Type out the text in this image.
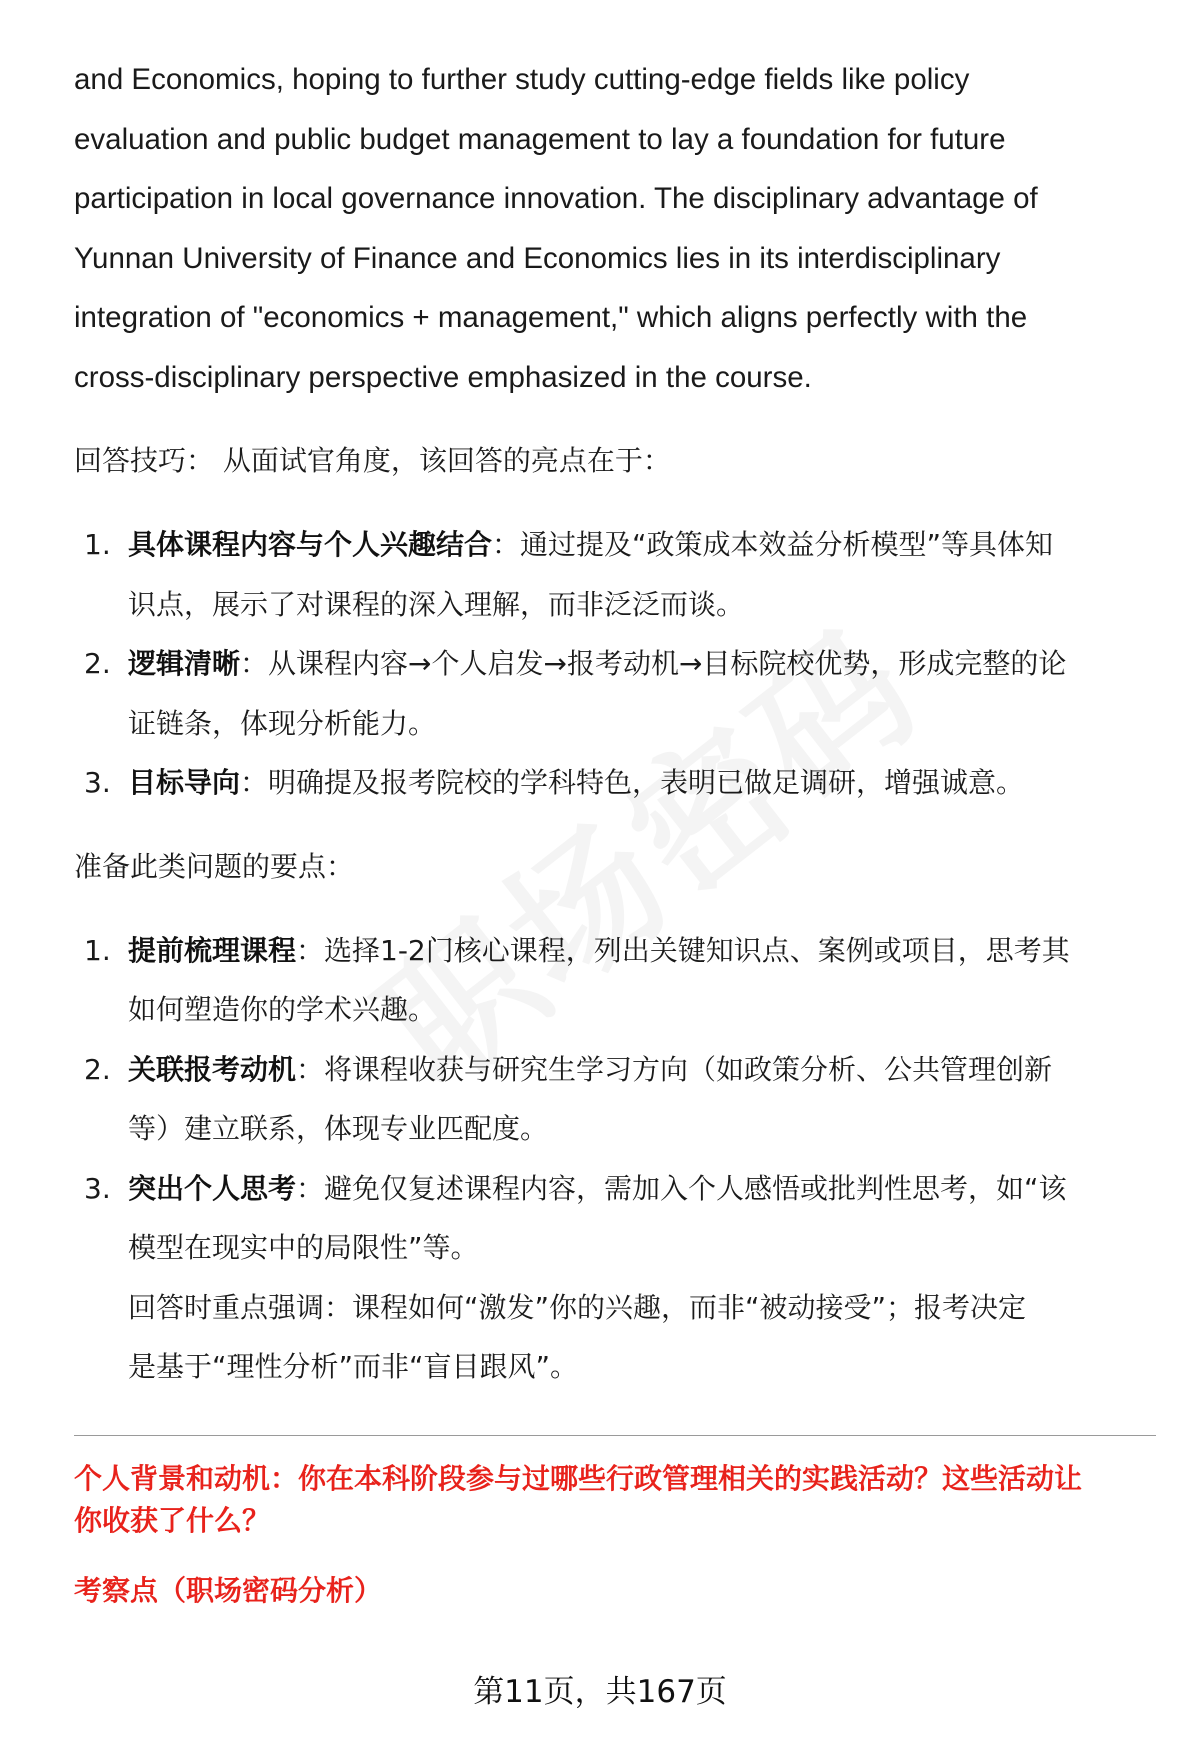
and Economics, hoping to further study cutting-edge fields like policy
evaluation and public budget management to lay a foundation for future
participation in local governance innovation. The disciplinary advantage of
Yunnan University of Finance and Economics lies in its interdisciplinary
integration of "economics + management," which aligns perfectly with the
cross-disciplinary perspective emphasized in the course.
回答技巧： 从面试官角度，该回答的亮点在于：
1. 具体课程内容与个人兴趣结合：通过提及“政策成本效益分析模型”等具体知
识点，展示了对课程的深入理解，而非泛泛而谈。
2. 逻辑清晰：从课程内容→个人启发→报考动机→目标院校优势，形成完整的论
证链条，体现分析能力。
3. 目标导向：明确提及报考院校的学科特色，表明已做足调研，增强诚意。
准备此类问题的要点：
1. 提前梳理课程：选择1-2门核心课程，列出关键知识点、案例或项目，思考其
如何塑造你的学术兴趣。
2. 关联报考动机：将课程收获与研究生学习方向（如政策分析、公共管理创新
等）建立联系，体现专业匹配度。
3. 突出个人思考：避免仅复述课程内容，需加入个人感悟或批判性思考，如“该
模型在现实中的局限性”等。
回答时重点强调：课程如何“激发”你的兴趣，而非“被动接受”；报考决定
是基于“理性分析”而非“盲目跟风”。
个人背景和动机：你在本科阶段参与过哪些行政管理相关的实践活动？这些活动让
你收获了什么？
考察点（职场密码分析）
第11页，共167页
